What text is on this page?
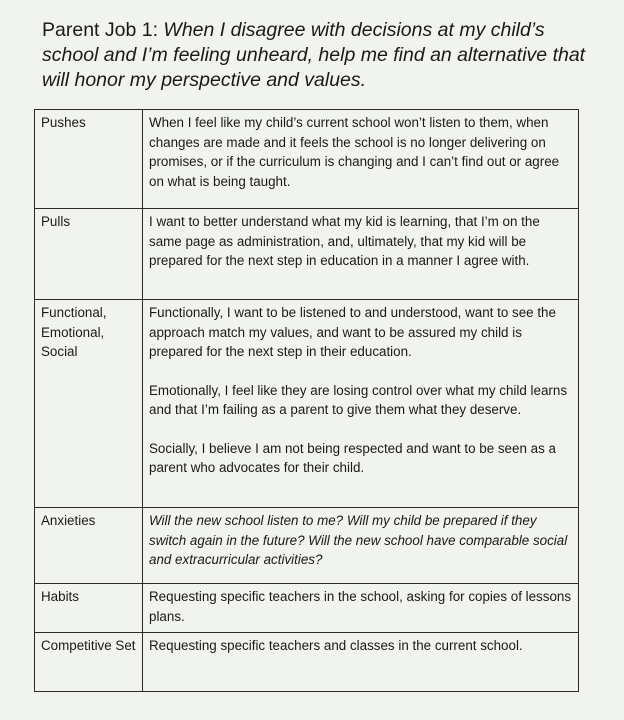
Parent Job 1: When I disagree with decisions at my child’s school and I’m feeling unheard, help me find an alternative that will honor my perspective and values.
Pushes	When I feel like my child’s current school won’t listen to them, when changes are made and it feels the school is no longer delivering on promises, or if the curriculum is changing and I can’t find out or agree on what is being taught.
Pulls	I want to better understand what my kid is learning, that I’m on the same page as administration, and, ultimately, that my kid will be prepared for the next step in education in a manner I agree with.
Functional, Emotional, Social	Functionally, I want to be listened to and understood, want to see the approach match my values, and want to be assured my child is prepared for the next step in their education.

Emotionally, I feel like they are losing control over what my child learns and that I’m failing as a parent to give them what they deserve.

Socially, I believe I am not being respected and want to be seen as a parent who advocates for their child.

Anxieties	Will the new school listen to me? Will my child be prepared if they switch again in the future? Will the new school have comparable social and extracurricular activities?
Habits	Requesting specific teachers in the school, asking for copies of lessons plans.
Competitive Set	Requesting specific teachers and classes in the current school.
